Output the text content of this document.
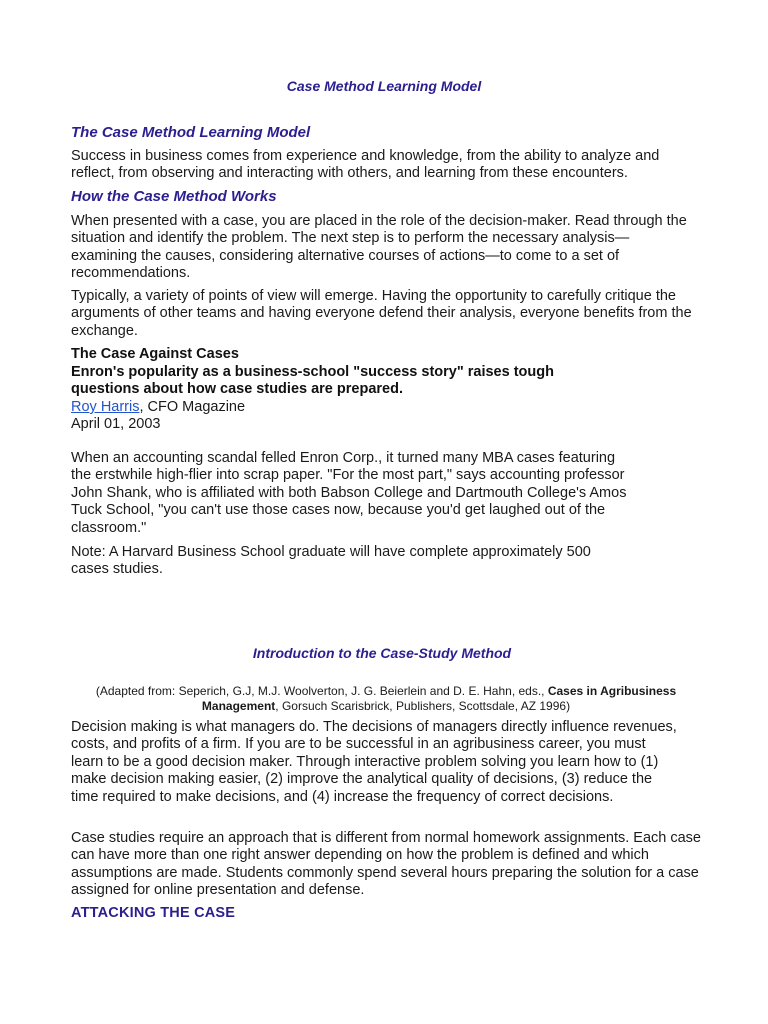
Case Method Learning Model
The Case Method Learning Model
Success in business comes from experience and knowledge, from the ability to analyze and reflect, from observing and interacting with others, and learning from these encounters.
How the Case Method Works
When presented with a case, you are placed in the role of the decision-maker. Read through the situation and identify the problem. The next step is to perform the necessary analysis—examining the causes, considering alternative courses of actions—to come to a set of recommendations.
Typically, a variety of points of view will emerge. Having the opportunity to carefully critique the arguments of other teams and having everyone defend their analysis, everyone benefits from the exchange.
The Case Against Cases
Enron's popularity as a business-school "success story" raises tough questions about how case studies are prepared.
Roy Harris, CFO Magazine
April 01, 2003
When an accounting scandal felled Enron Corp., it turned many MBA cases featuring the erstwhile high-flier into scrap paper. "For the most part," says accounting professor John Shank, who is affiliated with both Babson College and Dartmouth College's Amos Tuck School, "you can't use those cases now, because you'd get laughed out of the classroom."
Note: A Harvard Business School graduate will have complete approximately 500 cases studies.
Introduction to the Case-Study Method
(Adapted from: Seperich, G.J, M.J. Woolverton, J. G. Beierlein and D. E. Hahn, eds., Cases in Agribusiness Management, Gorsuch Scarisbrick, Publishers, Scottsdale, AZ 1996)
Decision making is what managers do. The decisions of managers directly influence revenues, costs, and profits of a firm. If you are to be successful in an agribusiness career, you must learn to be a good decision maker. Through interactive problem solving you learn how to (1) make decision making easier, (2) improve the analytical quality of decisions, (3) reduce the time required to make decisions, and (4) increase the frequency of correct decisions.
Case studies require an approach that is different from normal homework assignments. Each case can have more than one right answer depending on how the problem is defined and which assumptions are made. Students commonly spend several hours preparing the solution for a case assigned for online presentation and defense.
ATTACKING THE CASE
